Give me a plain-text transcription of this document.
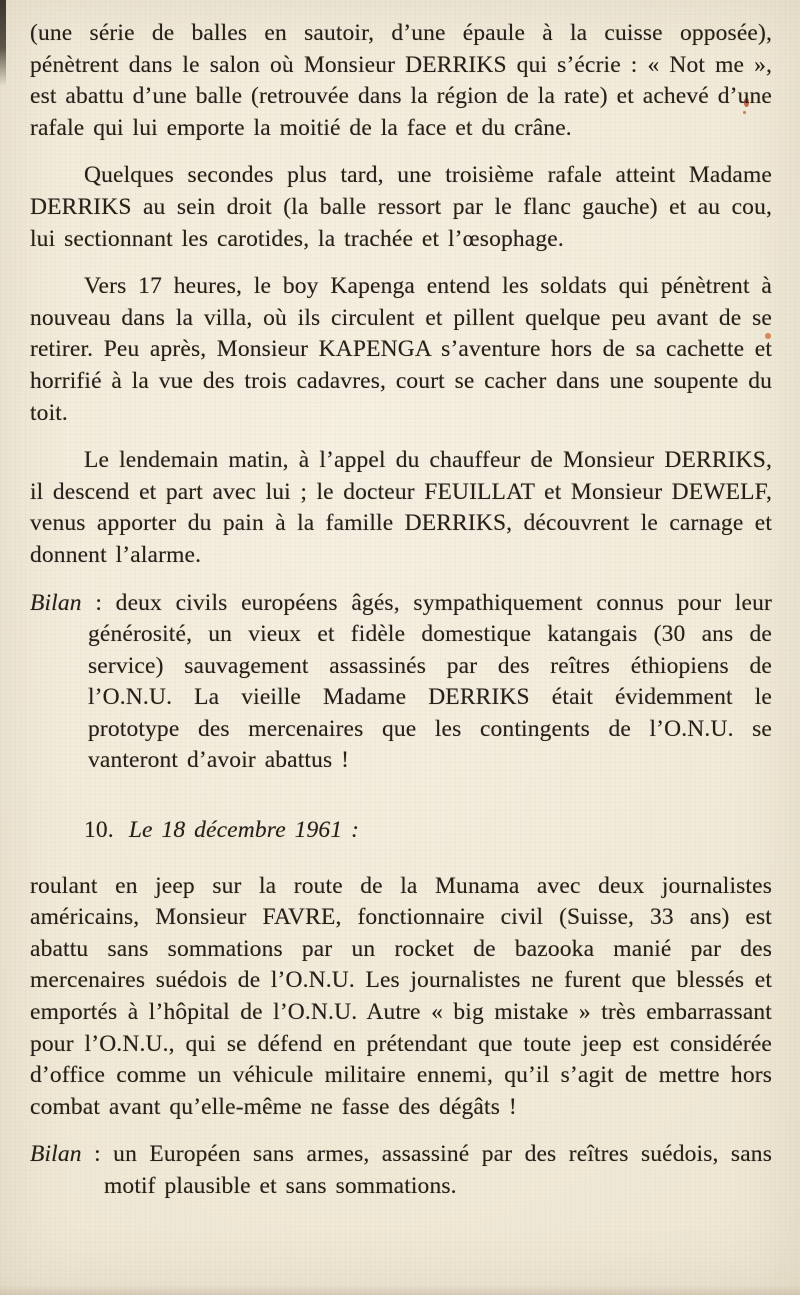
(une série de balles en sautoir, d’une épaule à la cuisse opposée), pénètrent dans le salon où Monsieur DERRIKS qui s’écrie : « Not me », est abattu d’une balle (retrouvée dans la région de la rate) et achevé d’une rafale qui lui emporte la moitié de la face et du crâne.

Quelques secondes plus tard, une troisième rafale atteint Madame DERRIKS au sein droit (la balle ressort par le flanc gauche) et au cou, lui sectionnant les carotides, la trachée et l’œsophage.

Vers 17 heures, le boy Kapenga entend les soldats qui pénètrent à nouveau dans la villa, où ils circulent et pillent quelque peu avant de se retirer. Peu après, Monsieur KAPENGA s’aventure hors de sa cachette et horrifié à la vue des trois cadavres, court se cacher dans une soupente du toit.

Le lendemain matin, à l’appel du chauffeur de Monsieur DERRIKS, il descend et part avec lui ; le docteur FEUILLAT et Monsieur DEWELF, venus apporter du pain à la famille DERRIKS, découvrent le carnage et donnent l’alarme.

Bilan : deux civils européens âgés, sympathiquement connus pour leur générosité, un vieux et fidèle domestique katangais (30 ans de service) sauvagement assassinés par des reîtres éthiopiens de l’O.N.U. La vieille Madame DERRIKS était évidemment le prototype des mercenaires que les contingents de l’O.N.U. se vanteront d’avoir abattus !

10. Le 18 décembre 1961 :

roulant en jeep sur la route de la Munama avec deux journalistes américains, Monsieur FAVRE, fonctionnaire civil (Suisse, 33 ans) est abattu sans sommations par un rocket de bazooka manié par des mercenaires suédois de l’O.N.U. Les journalistes ne furent que blessés et emportés à l’hôpital de l’O.N.U. Autre « big mistake » très embarrassant pour l’O.N.U., qui se défend en prétendant que toute jeep est considérée d’office comme un véhicule militaire ennemi, qu’il s’agit de mettre hors combat avant qu’elle-même ne fasse des dégâts !

Bilan : un Européen sans armes, assassiné par des reîtres suédois, sans motif plausible et sans sommations.
